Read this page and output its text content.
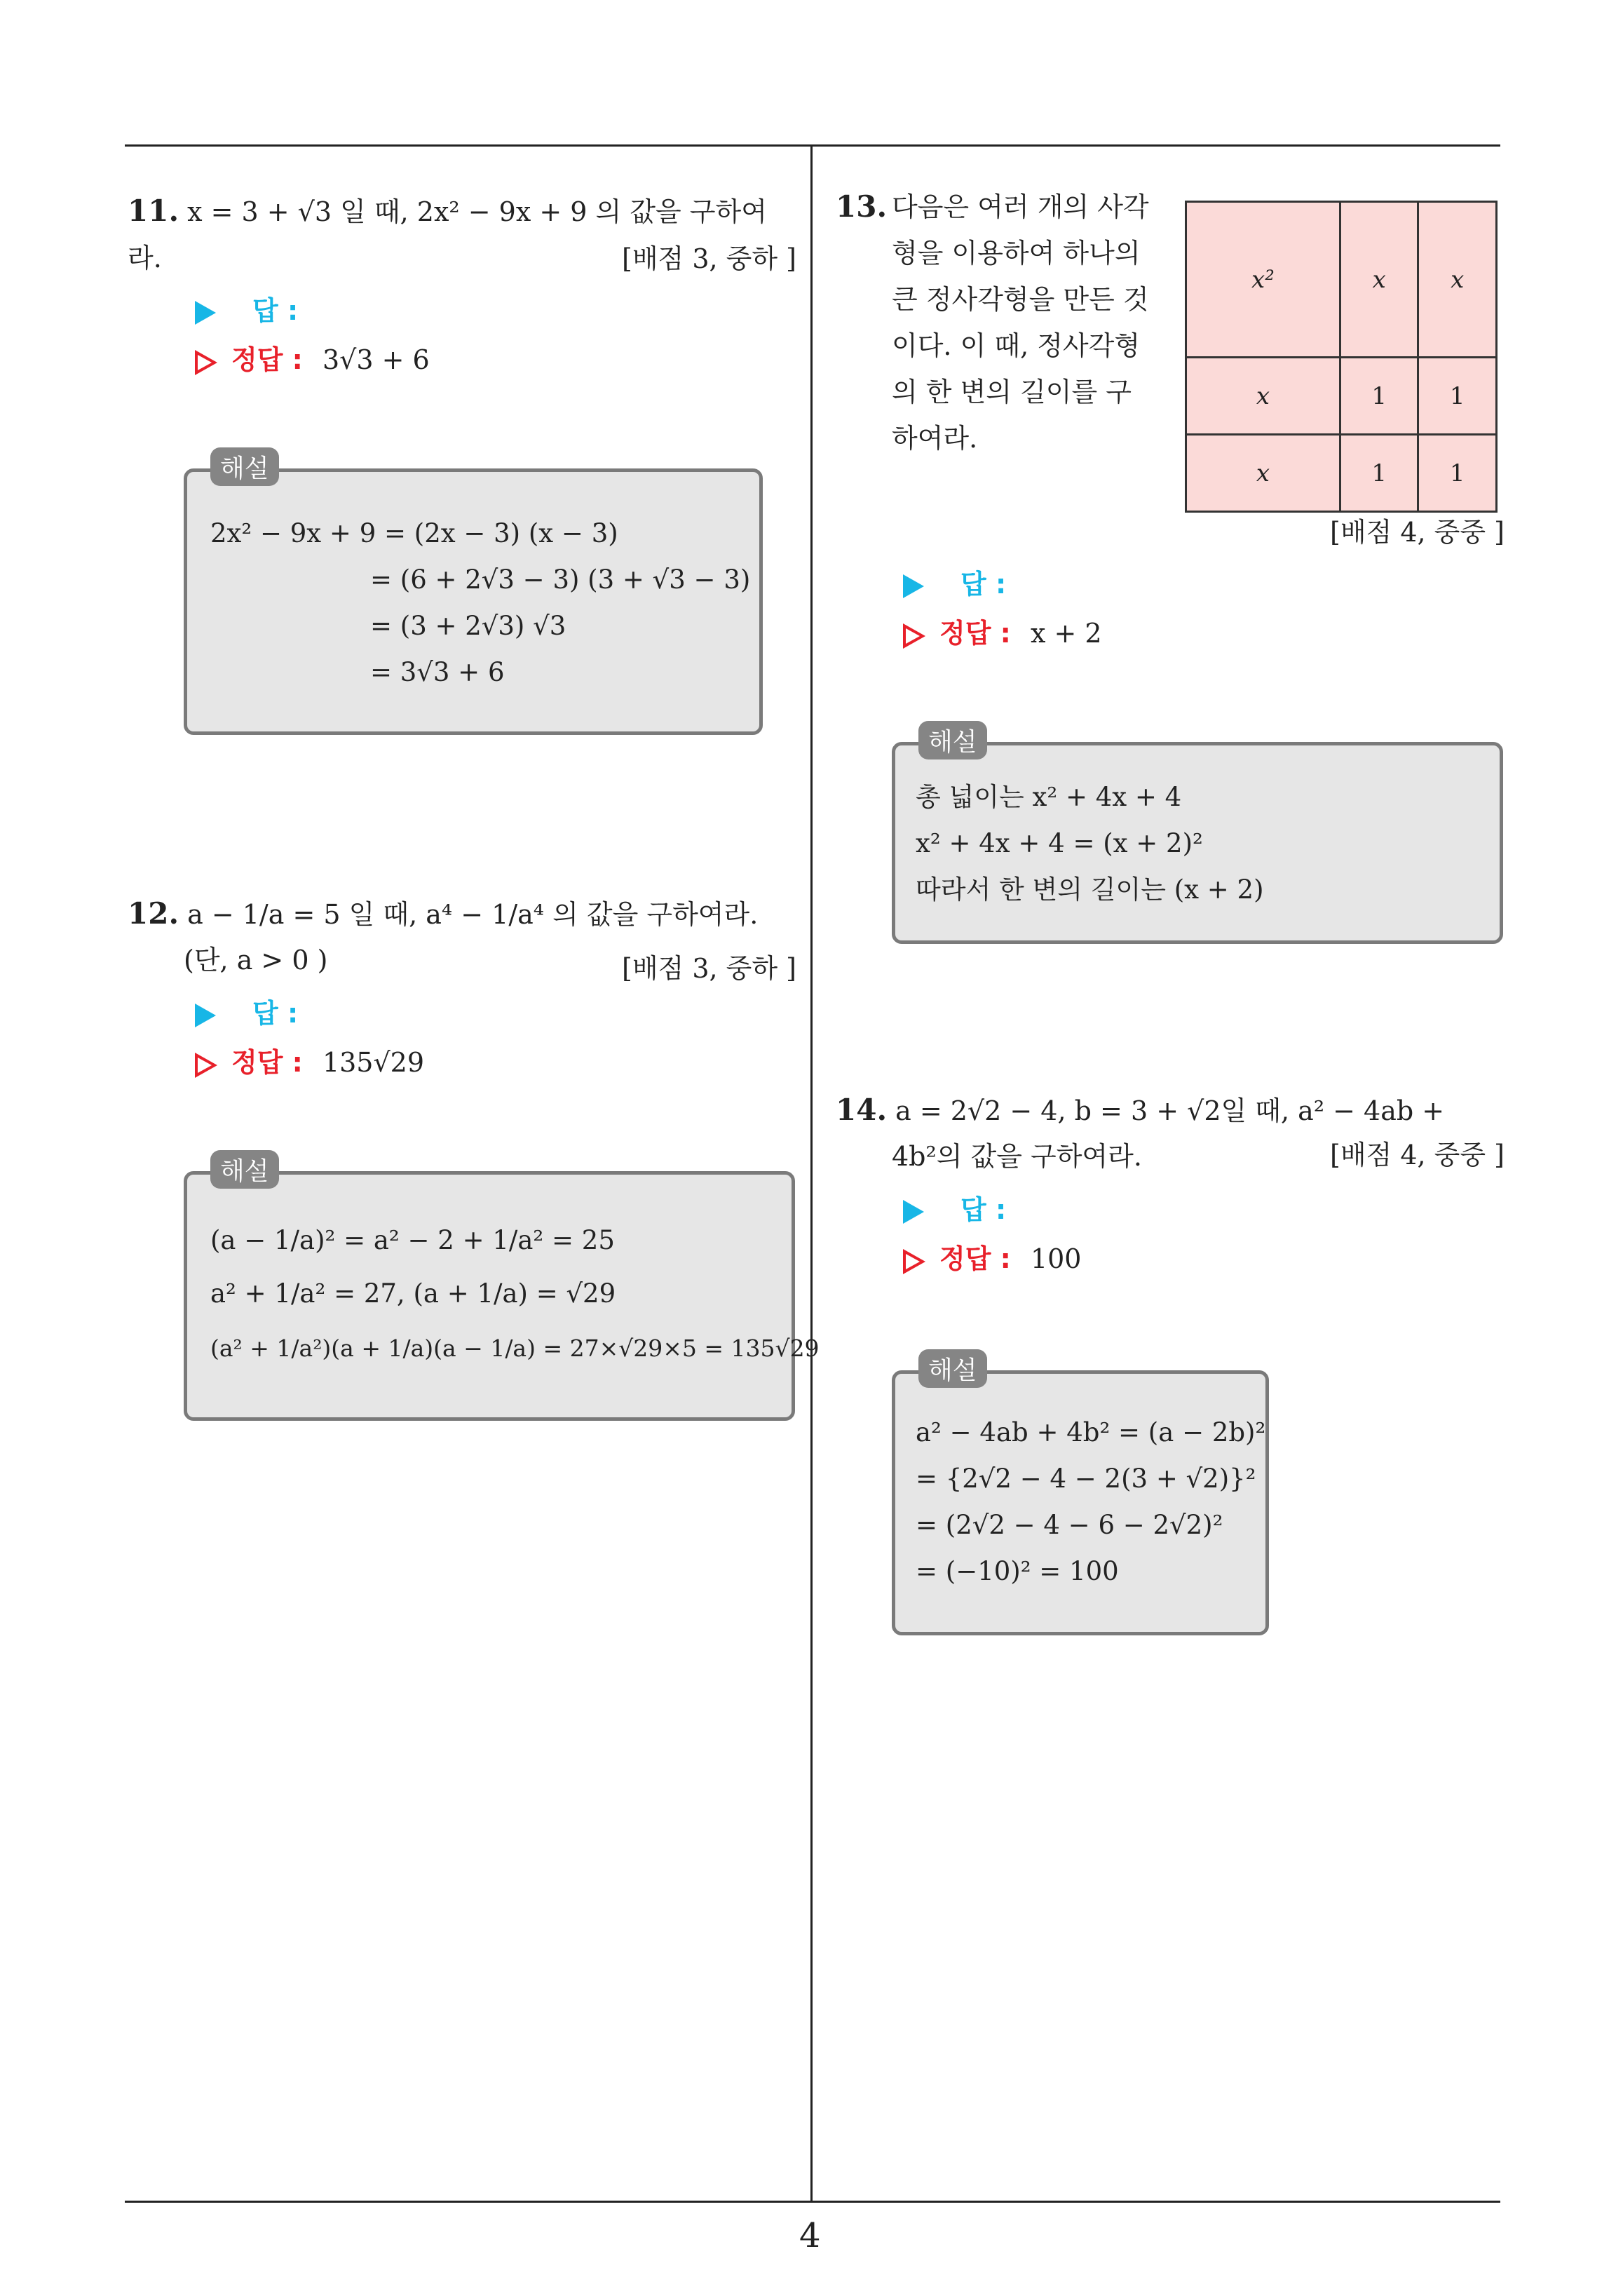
11. x = 3 + √3 일 때, 2x² − 9x + 9 의 값을 구하여라.	[배점 3, 중하 ]
답 :
정답 : 3√3 + 6
해설
2x² − 9x + 9 = (2x − 3) (x − 3)
= (6 + 2√3 − 3) (3 + √3 − 3)
= (3 + 2√3) √3
= 3√3 + 6
12. a − 1/a = 5 일 때, a⁴ − 1/a⁴ 의 값을 구하여라.
(단, a > 0 )	[배점 3, 중하 ]
답 :
정답 : 135√29
해설
(a − 1/a)² = a² − 2 + 1/a² = 25
a² + 1/a² = 27, (a + 1/a) = √29
(a² + 1/a²)(a + 1/a)(a − 1/a) = 27×√29×5 = 135√29
13. 다음은 여러 개의 사각
형을 이용하여 하나의
큰 정사각형을 만든 것
이다. 이 때, 정사각형
의 한 변의 길이를 구
하여라.
x²	x	x
x	1	1
x	1	1
[배점 4, 중중 ]
답 :
정답 : x + 2
해설
총 넓이는 x² + 4x + 4
x² + 4x + 4 = (x + 2)²
따라서 한 변의 길이는 (x + 2)
14. a = 2√2 − 4, b = 3 + √2일 때, a² − 4ab +
4b²의 값을 구하여라.	[배점 4, 중중 ]
답 :
정답 : 100
해설
a² − 4ab + 4b² = (a − 2b)²
= {2√2 − 4 − 2(3 + √2)}²
= (2√2 − 4 − 6 − 2√2)²
= (−10)² = 100
4
